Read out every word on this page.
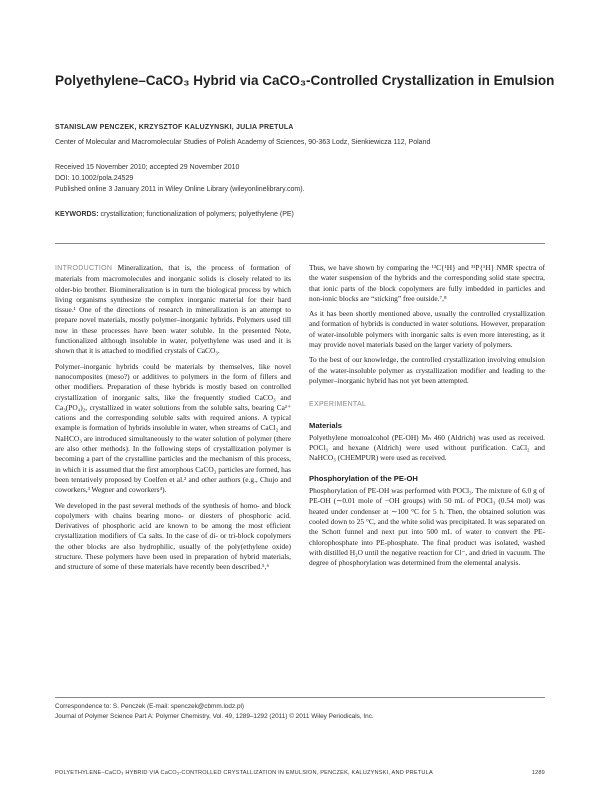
Polyethylene–CaCO₃ Hybrid via CaCO₃-Controlled Crystallization in Emulsion
STANISLAW PENCZEK, KRZYSZTOF KALUZYNSKI, JULIA PRETULA
Center of Molecular and Macromolecular Studies of Polish Academy of Sciences, 90-363 Lodz, Sienkiewicza 112, Poland
Received 15 November 2010; accepted 29 November 2010
DOI: 10.1002/pola.24529
Published online 3 January 2011 in Wiley Online Library (wileyonlinelibrary.com).
KEYWORDS: crystallization; functionalization of polymers; polyethylene (PE)

INTRODUCTION Mineralization, that is, the process of formation of materials from macromolecules and inorganic solids is closely related to its older-bio brother. Biomineralization is in turn the biological process by which living organisms synthesize the complex inorganic material for their hard tissue.¹ One of the directions of research in mineralization is an attempt to prepare novel materials, mostly polymer–inorganic hybrids. Polymers used till now in these processes have been water soluble. In the presented Note, functionalized although insoluble in water, polyethylene was used and it is shown that it is attached to modified crystals of CaCO₃.

Polymer–inorganic hybrids could be materials by themselves, like novel nanocomposites (meso?) or additives to polymers in the form of fillers and other modifiers. Preparation of these hybrids is mostly based on controlled crystallization of inorganic salts, like the frequently studied CaCO₃ and Ca₃(PO₄)₂, crystallized in water solutions from the soluble salts, bearing Ca²⁺ cations and the corresponding soluble salts with required anions. A typical example is formation of hybrids insoluble in water, when streams of CaCl₂ and NaHCO₃ are introduced simultaneously to the water solution of polymer (there are also other methods). In the following steps of crystallization polymer is becoming a part of the crystalline particles and the mechanism of this process, in which it is assumed that the first amorphous CaCO₃ particles are formed, has been tentatively proposed by Coelfen et al.² and other authors (e.g., Chujo and coworkers,³ Wegner and coworkers⁴).

We developed in the past several methods of the synthesis of homo- and block copolymers with chains bearing mono- or diesters of phosphoric acid. Derivatives of phosphoric acid are known to be among the most efficient crystallization modifiers of Ca salts. In the case of di- or tri-block copolymers the other blocks are also hydrophilic, usually of the poly(ethylene oxide) structure. These polymers have been used in preparation of hybrid materials, and structure of some of these materials have recently been described.⁵,⁶

Thus, we have shown by comparing the ¹³C{¹H} and ³¹P{¹H} NMR spectra of the water suspension of the hybrids and the corresponding solid state spectra, that ionic parts of the block copolymers are fully imbedded in particles and non-ionic blocks are “sticking” free outside.⁷,⁸

As it has been shortly mentioned above, usually the controlled crystallization and formation of hybrids is conducted in water solutions. However, preparation of water-insoluble polymers with inorganic salts is even more interesting, as it may provide novel materials based on the larger variety of polymers.

To the best of our knowledge, the controlled crystallization involving emulsion of the water-insoluble polymer as crystallization modifier and leading to the polymer–inorganic hybrid has not yet been attempted.

EXPERIMENTAL
Materials

Polyethylene monoalcohol (PE-OH) Mₙ 460 (Aldrich) was used as received. POCl₃ and hexane (Aldrich) were used without purification. CaCl₂ and NaHCO₃ (CHEMPUR) were used as received.

Phosphorylation of the PE-OH

Phosphorylation of PE-OH was performed with POCl₃. The mixture of 6.0 g of PE-OH (∼0.01 mole of −OH groups) with 50 mL of POCl₃ (0.54 mol) was heated under condenser at ∼100 °C for 5 h. Then, the obtained solution was cooled down to 25 °C, and the white solid was precipitated. It was separated on the Schott funnel and next put into 500 mL of water to convert the PE-chlorophosphate into PE-phosphate. The final product was isolated, washed with distilled H₂O until the negative reaction for Cl⁻, and dried in vacuum. The degree of phosphorylation was determined from the elemental analysis.

Correspondence to: S. Penczek (E-mail: spenczek@cbmm.lodz.pl)
Journal of Polymer Science Part A: Polymer Chemistry, Vol. 49, 1289–1292 (2011) © 2011 Wiley Periodicals, Inc.
POLYETHYLENE–CaCO₃ HYBRID VIA CaCO₃-CONTROLLED CRYSTALLIZATION IN EMULSION, PENCZEK, KALUZYNSKI, AND PRETULA	1289
